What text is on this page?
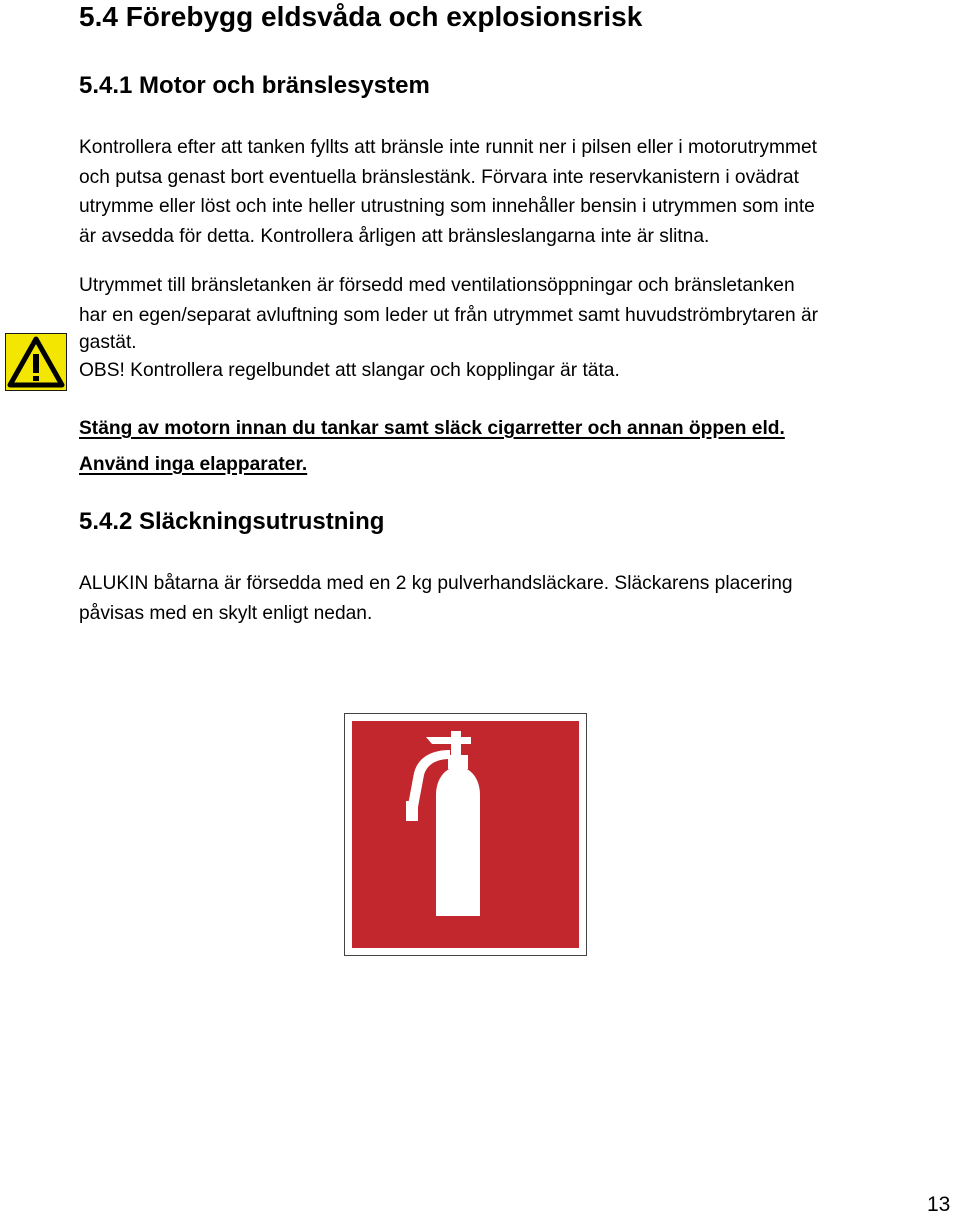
5.4 Förebygg eldsvåda och explosionsrisk
5.4.1 Motor och bränslesystem
Kontrollera efter att tanken fyllts att bränsle inte runnit ner i pilsen eller i motorutrymmet
och putsa genast bort eventuella bränslestänk. Förvara inte reservkanistern i ovädrat
utrymme eller löst och inte heller utrustning som innehåller bensin i utrymmen som inte
är avsedda för detta. Kontrollera årligen att bränsleslangarna inte är slitna.
Utrymmet till bränsletanken är försedd med ventilationsöppningar och bränsletanken
har en egen/separat avluftning som leder ut från utrymmet samt huvudströmbrytaren är
gastät.
OBS! Kontrollera regelbundet att slangar och kopplingar är täta.
Stäng av motorn innan du tankar samt släck cigarretter och annan öppen eld.
Använd inga elapparater.
5.4.2 Släckningsutrustning
ALUKIN båtarna är försedda med en 2 kg pulverhandsläckare. Släckarens placering
påvisas med en skylt enligt nedan.
13
